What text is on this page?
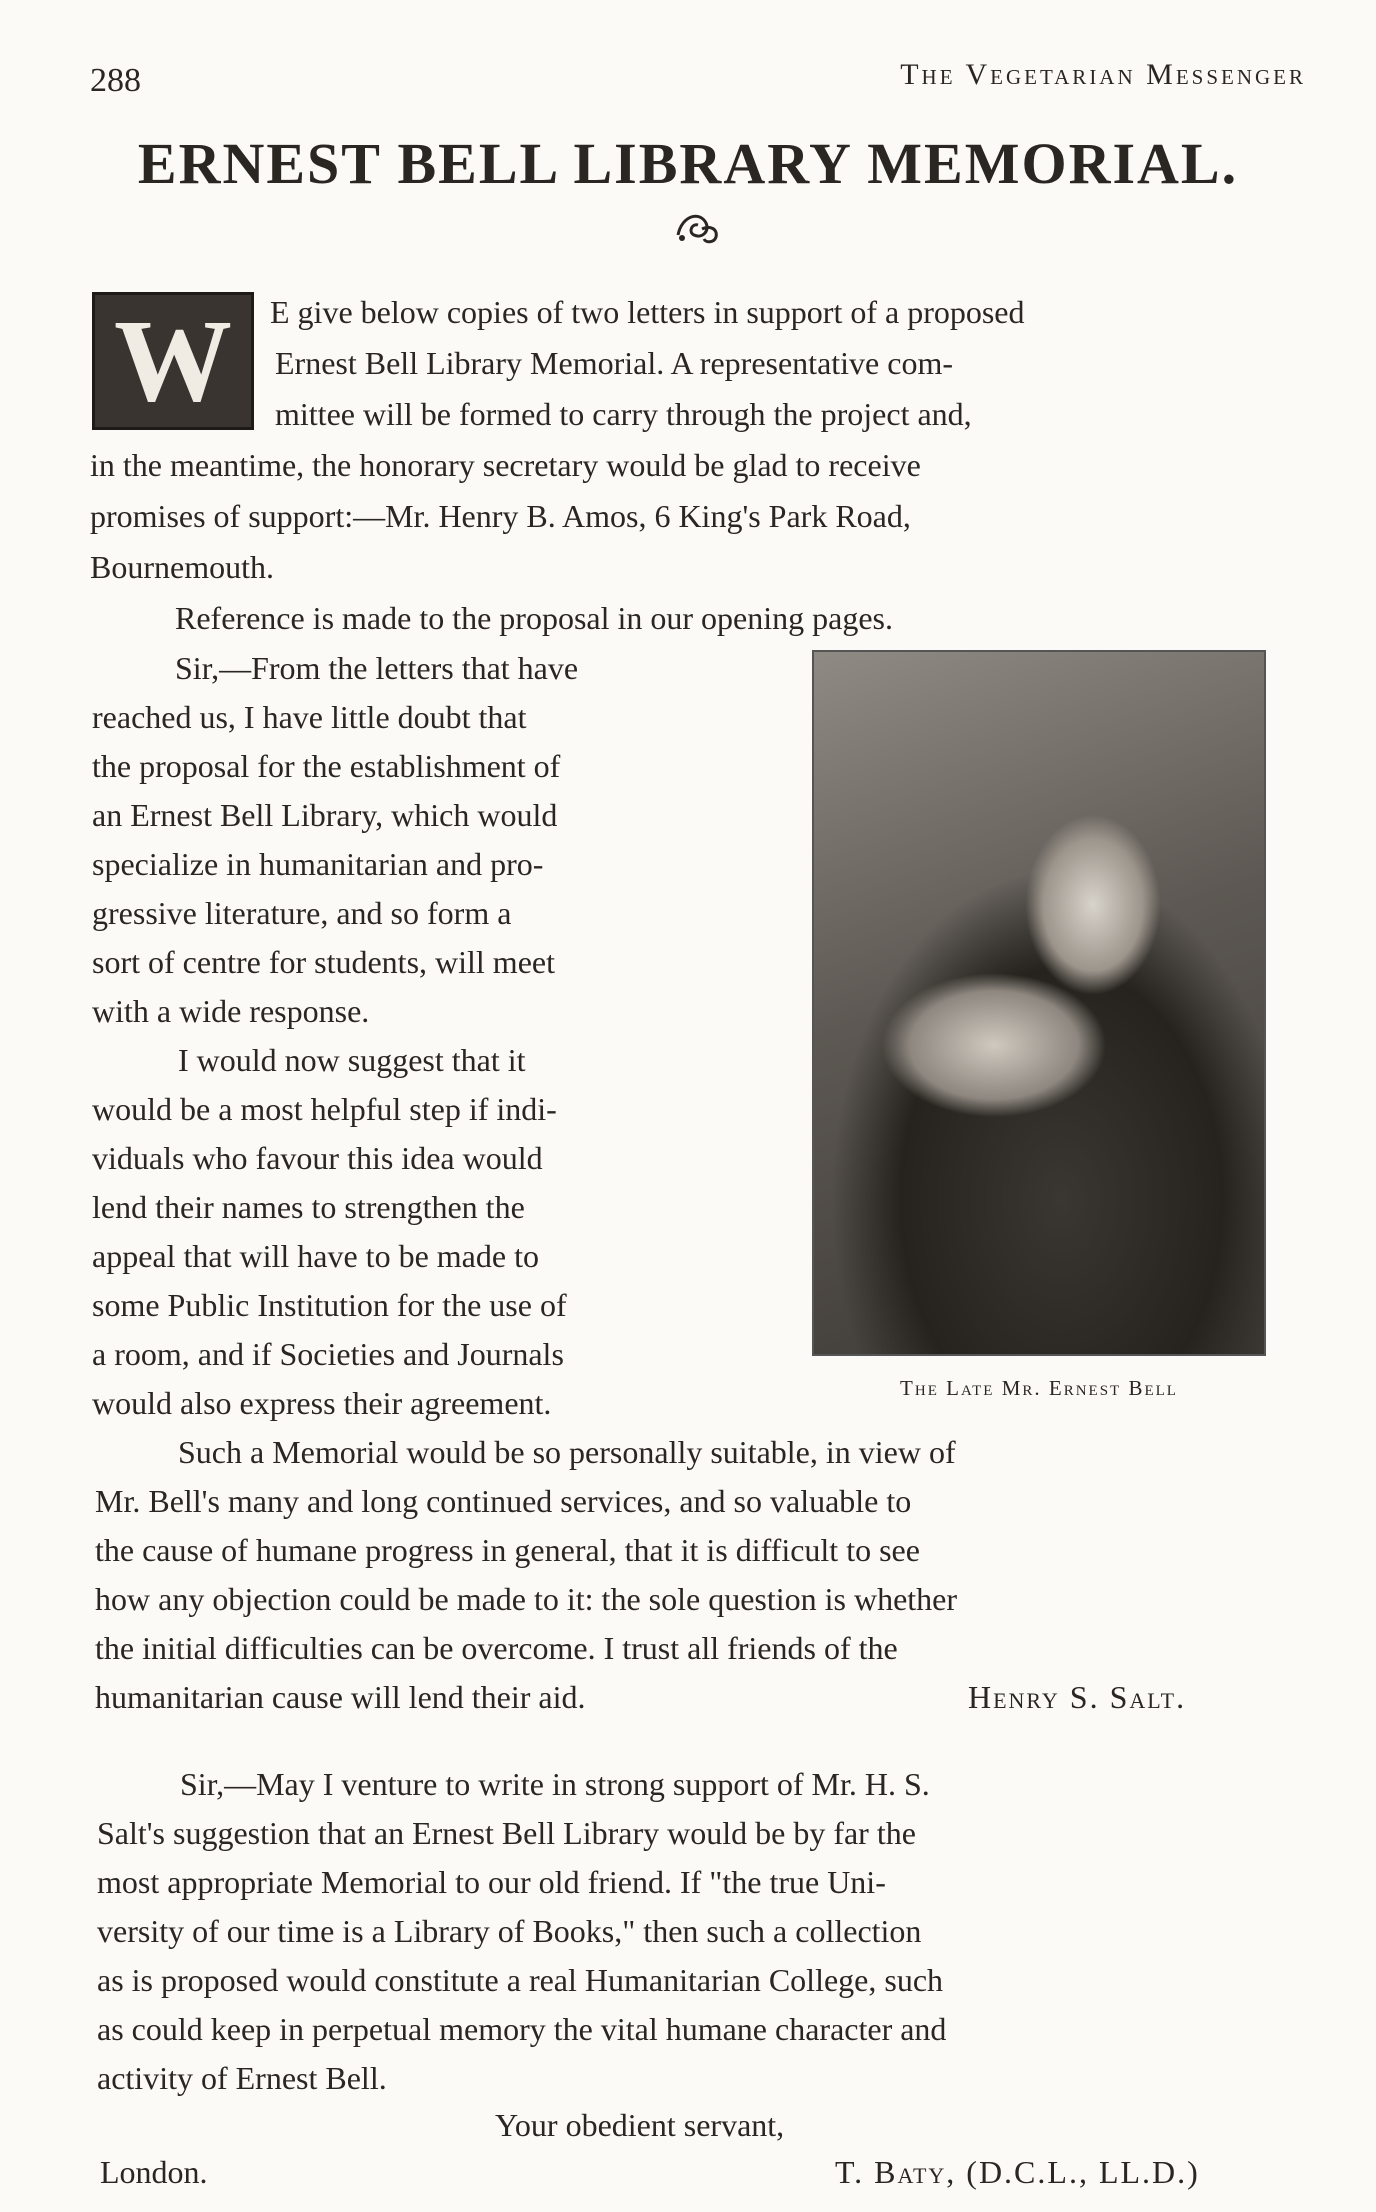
288	The Vegetarian Messenger
ERNEST BELL LIBRARY MEMORIAL.
W	E give below copies of two letters in support of a proposed
Ernest Bell Library Memorial. A representative com-
mittee will be formed to carry through the project and,
in the meantime, the honorary secretary would be glad to receive
promises of support:—Mr. Henry B. Amos, 6 King's Park Road,
Bournemouth.
Reference is made to the proposal in our opening pages.
Sir,—From the letters that have
reached us, I have little doubt that
the proposal for the establishment of
an Ernest Bell Library, which would
specialize in humanitarian and pro-
gressive literature, and so form a
sort of centre for students, will meet
with a wide response.
I would now suggest that it
would be a most helpful step if indi-
viduals who favour this idea would
lend their names to strengthen the
appeal that will have to be made to
some Public Institution for the use of
a room, and if Societies and Journals
would also express their agreement.	The Late Mr. Ernest Bell
Such a Memorial would be so personally suitable, in view of
Mr. Bell's many and long continued services, and so valuable to
the cause of humane progress in general, that it is difficult to see
how any objection could be made to it: the sole question is whether
the initial difficulties can be overcome. I trust all friends of the
humanitarian cause will lend their aid.	Henry S. Salt.
Sir,—May I venture to write in strong support of Mr. H. S.
Salt's suggestion that an Ernest Bell Library would be by far the
most appropriate Memorial to our old friend. If "the true Uni-
versity of our time is a Library of Books," then such a collection
as is proposed would constitute a real Humanitarian College, such
as could keep in perpetual memory the vital humane character and
activity of Ernest Bell.
Your obedient servant,
London.	T. Baty, (D.C.L., LL.D.)
